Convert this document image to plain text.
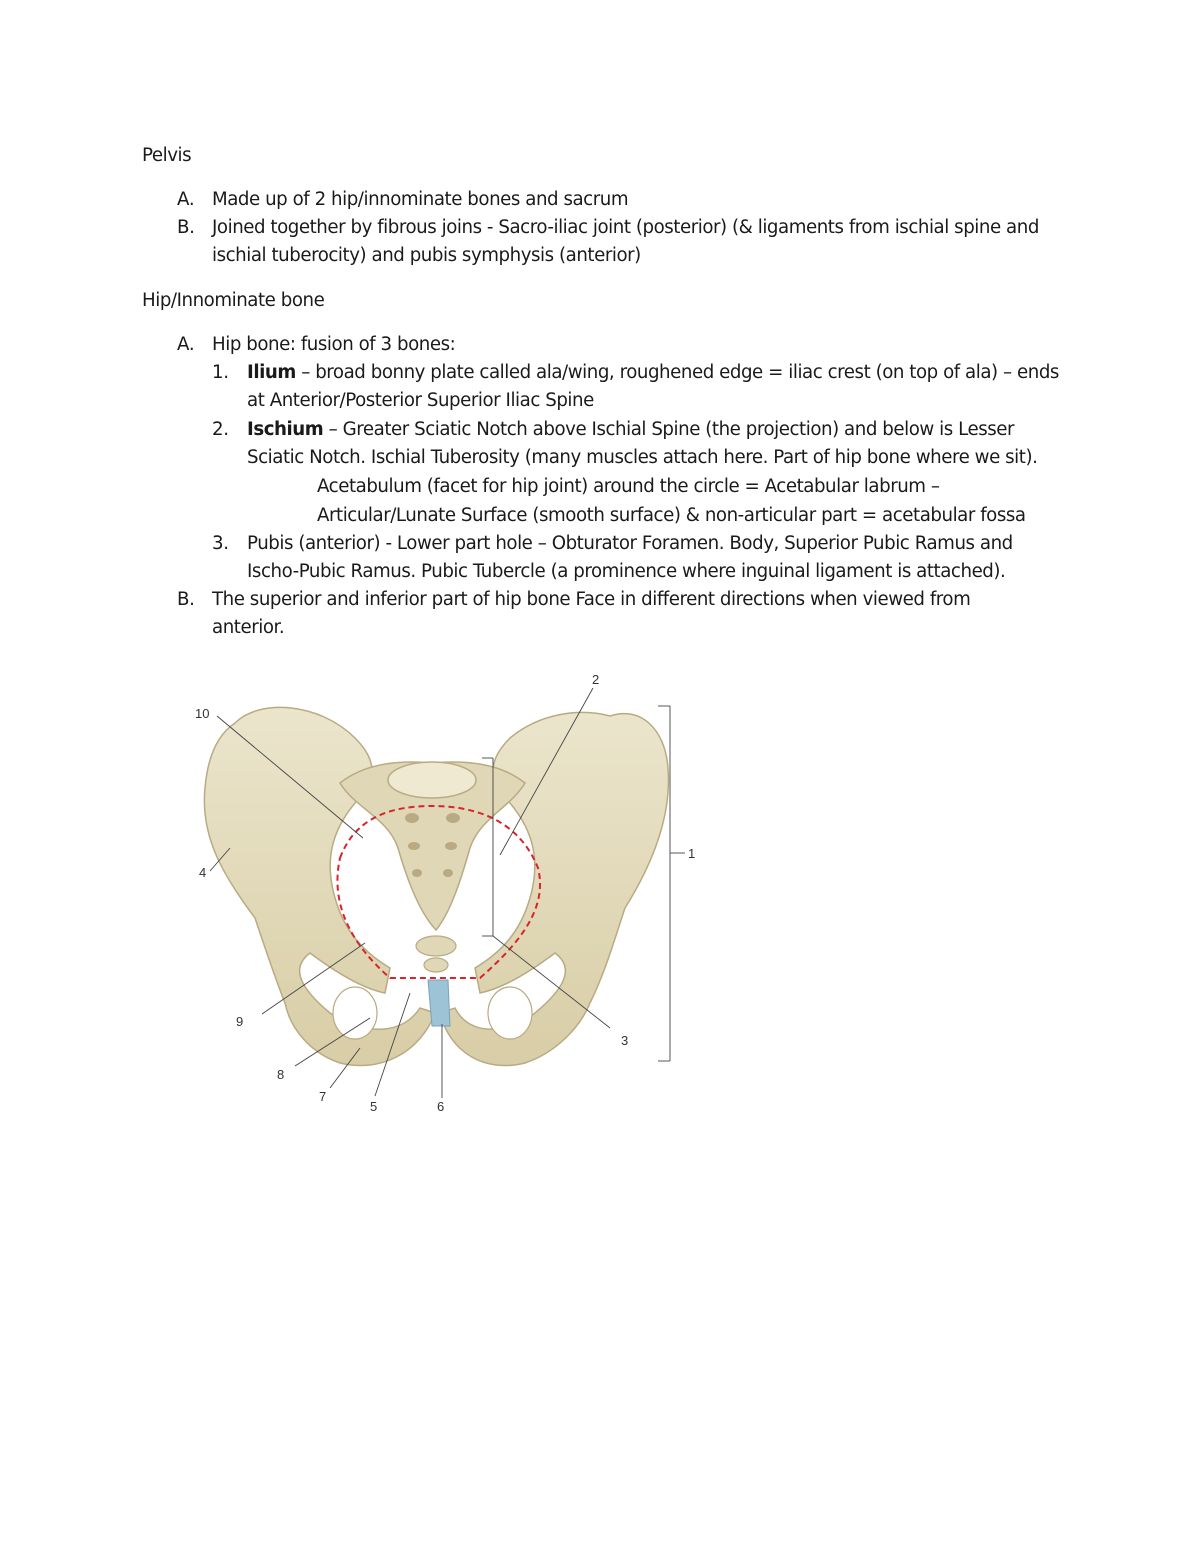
Pelvis
A. Made up of 2 hip/innominate bones and sacrum
B. Joined together by fibrous joins - Sacro-iliac joint (posterior) (& ligaments from ischial spine and
ischial tuberocity) and pubis symphysis (anterior)
Hip/Innominate bone
A. Hip bone: fusion of 3 bones:
1. Ilium – broad bonny plate called ala/wing, roughened edge = iliac crest (on top of ala) – ends
at Anterior/Posterior Superior Iliac Spine
2. Ischium – Greater Sciatic Notch above Ischial Spine (the projection) and below is Lesser
Sciatic Notch. Ischial Tuberosity (many muscles attach here. Part of hip bone where we sit).
Acetabulum (facet for hip joint) around the circle = Acetabular labrum –
Articular/Lunate Surface (smooth surface) & non-articular part = acetabular fossa
3. Pubis (anterior) - Lower part hole – Obturator Foramen. Body, Superior Pubic Ramus and
Ischo-Pubic Ramus. Pubic Tubercle (a prominence where inguinal ligament is attached).
B. The superior and inferior part of hip bone Face in different directions when viewed from
anterior.
1
2
3
4
5	6
7
8
9
10
